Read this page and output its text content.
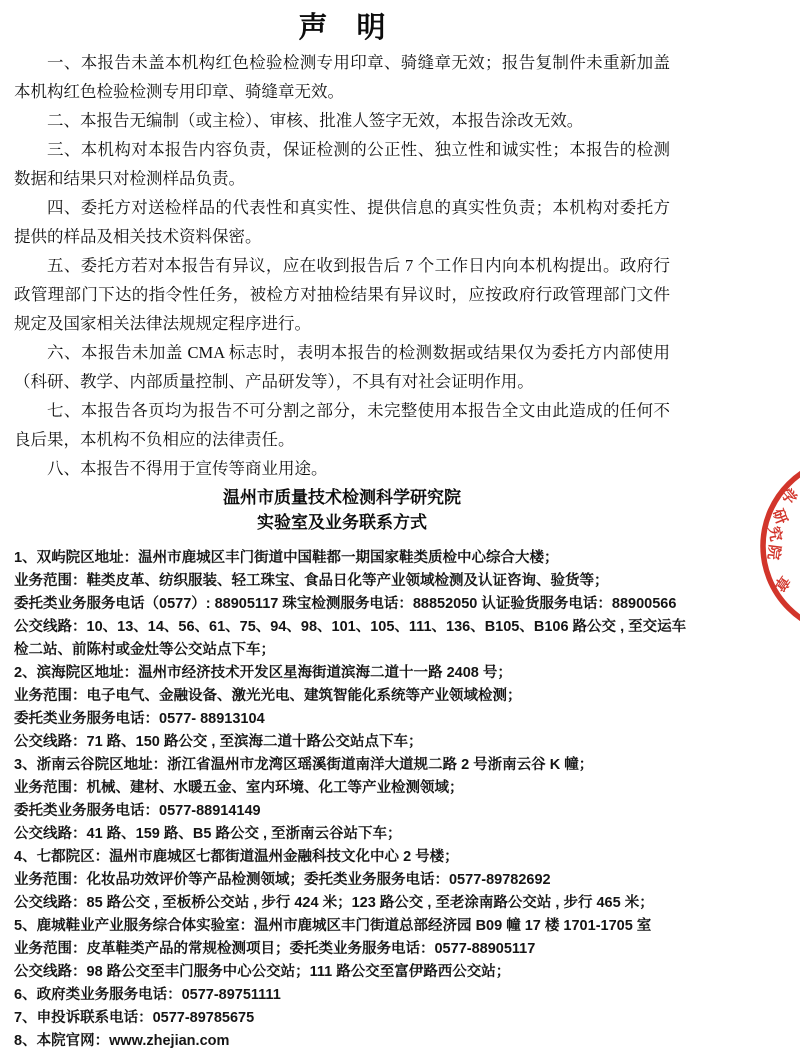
声　明

一、本报告未盖本机构红色检验检测专用印章、骑缝章无效；报告复制件未重新加盖本机构红色检验检测专用印章、骑缝章无效。

二、本报告无编制（或主检）、审核、批准人签字无效，本报告涂改无效。

三、本机构对本报告内容负责，保证检测的公正性、独立性和诚实性；本报告的检测数据和结果只对检测样品负责。

四、委托方对送检样品的代表性和真实性、提供信息的真实性负责；本机构对委托方提供的样品及相关技术资料保密。

五、委托方若对本报告有异议，应在收到报告后 7 个工作日内向本机构提出。政府行政管理部门下达的指令性任务，被检方对抽检结果有异议时，应按政府行政管理部门文件规定及国家相关法律法规规定程序进行。

六、本报告未加盖 CMA 标志时，表明本报告的检测数据或结果仅为委托方内部使用（科研、教学、内部质量控制、产品研发等），不具有对社会证明作用。

七、本报告各页均为报告不可分割之部分，未完整使用本报告全文由此造成的任何不良后果，本机构不负相应的法律责任。

八、本报告不得用于宣传等商业用途。

温州市质量技术检测科学研究院
实验室及业务联系方式

1、双屿院区地址：温州市鹿城区丰门街道中国鞋都一期国家鞋类质检中心综合大楼；

业务范围：鞋类皮革、纺织服装、轻工珠宝、食品日化等产业领域检测及认证咨询、验货等；

委托类业务服务电话（0577）: 88905117 珠宝检测服务电话：88852050 认证验货服务电话：88900566

公交线路：10、13、14、56、61、75、94、98、101、105、111、136、B105、B106 路公交 , 至交运车检二站、前陈村或金灶等公交站点下车；

2、滨海院区地址：温州市经济技术开发区星海街道滨海二道十一路 2408 号；

业务范围：电子电气、金融设备、激光光电、建筑智能化系统等产业领域检测；

委托类业务服务电话：0577- 88913104

公交线路：71 路、150 路公交 , 至滨海二道十路公交站点下车；

3、浙南云谷院区地址：浙江省温州市龙湾区瑶溪街道南洋大道规二路 2 号浙南云谷 K 幢；

业务范围：机械、建材、水暖五金、室内环境、化工等产业检测领域；

委托类业务服务电话：0577-88914149

公交线路：41 路、159 路、B5 路公交 , 至浙南云谷站下车；

4、七都院区：温州市鹿城区七都街道温州金融科技文化中心 2 号楼；

业务范围：化妆品功效评价等产品检测领域；委托类业务服务电话：0577-89782692

公交线路：85 路公交 , 至板桥公交站 , 步行 424 米；123 路公交 , 至老涂南路公交站 , 步行 465 米；

5、鹿城鞋业产业服务综合体实验室：温州市鹿城区丰门街道总部经济园 B09 幢 17 楼 1701-1705 室

业务范围：皮革鞋类产品的常规检测项目；委托类业务服务电话：0577-88905117

公交线路：98 路公交至丰门服务中心公交站；111 路公交至富伊路西公交站；

6、政府类业务服务电话：0577-89751111

7、申投诉联系电话：0577-89785675

8、本院官网：www.zhejian.com

学
研
究
院
章
